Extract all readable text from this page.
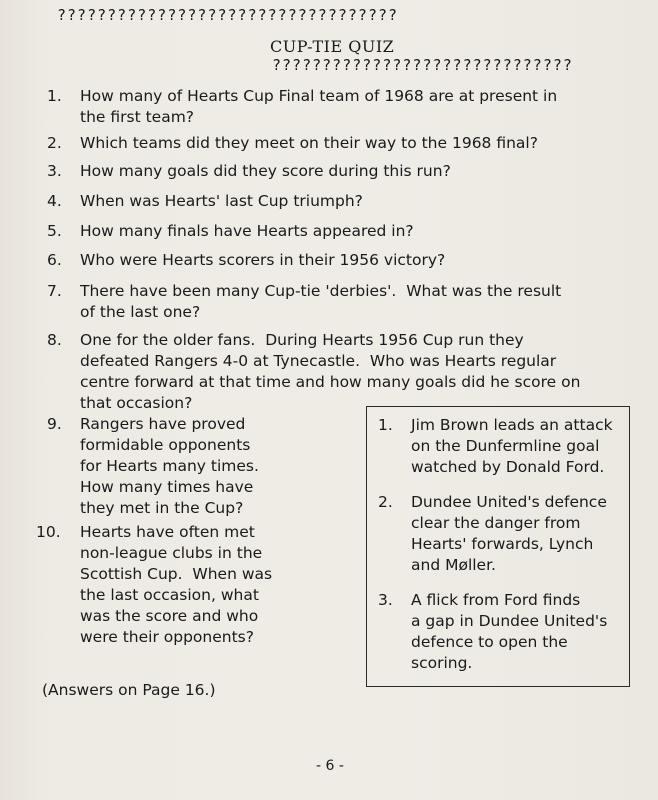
??????????????????????????????????
CUP-TIE QUIZ
??????????????????????????????
1. How many of Hearts Cup Final team of 1968 are at present in
the first team?
2. Which teams did they meet on their way to the 1968 final?
3. How many goals did they score during this run?
4. When was Hearts' last Cup triumph?
5. How many finals have Hearts appeared in?
6. Who were Hearts scorers in their 1956 victory?
7. There have been many Cup-tie 'derbies'.  What was the result
of the last one?
8. One for the older fans.  During Hearts 1956 Cup run they
defeated Rangers 4-0 at Tynecastle.  Who was Hearts regular
centre forward at that time and how many goals did he score on
that occasion?
9. Rangers have proved
formidable opponents
for Hearts many times.
How many times have
they met in the Cup?
10. Hearts have often met
non-league clubs in the
Scottish Cup.  When was
the last occasion, what
was the score and who
were their opponents?
1. Jim Brown leads an attack
on the Dunfermline goal
watched by Donald Ford.
2. Dundee United's defence
clear the danger from
Hearts' forwards, Lynch
and Møller.
3. A flick from Ford finds
a gap in Dundee United's
defence to open the
scoring.
(Answers on Page 16.)
- 6 -
